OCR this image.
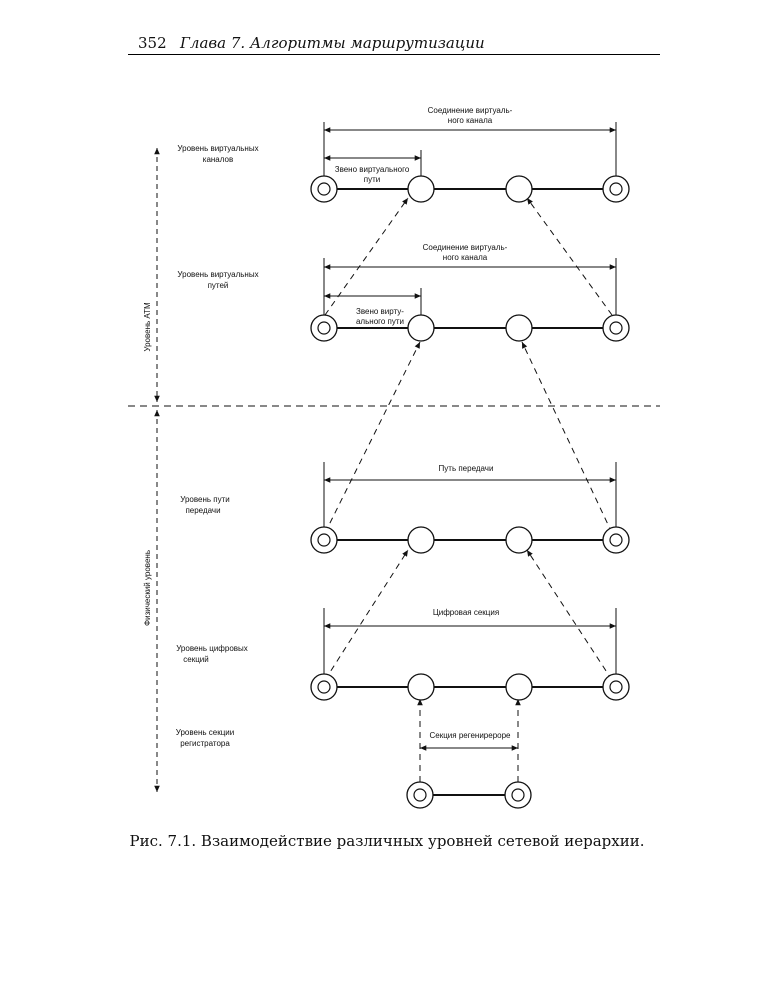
352 Глава 7. Алгоритмы маршрутизации
Уровень АТМ
Физический уровень
Уровень виртуальных
каналов
Уровень виртуальных
путей
Уровень пути
передачи
Уровень цифровых
секций
Уровень секции
регистратора
Соединение виртуаль-
ного канала
Звено виртуального
пути
Соединение виртуаль-
ного канала
Звено вирту-
ального пути
Путь передачи
Цифровая секция
Секция регенирероре
Рис. 7.1. Взаимодействие различных уровней сетевой иерархии.
